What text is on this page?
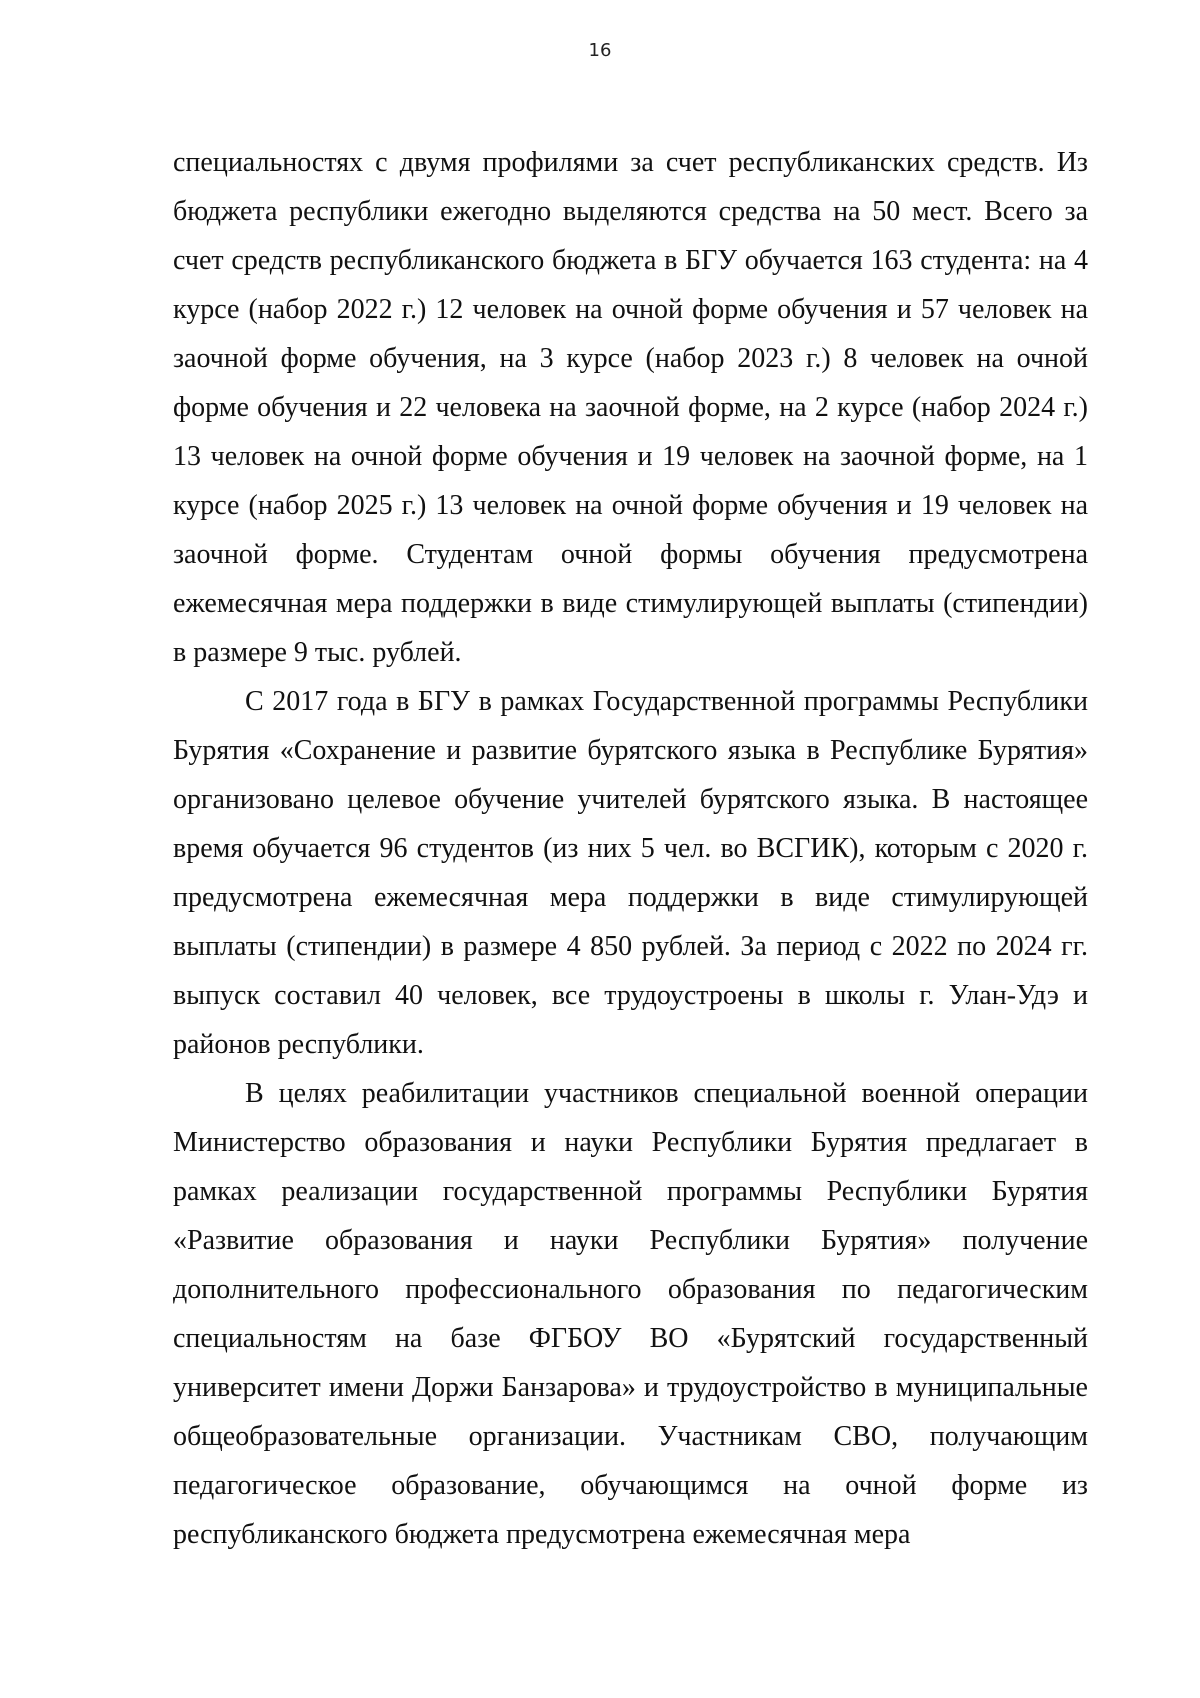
16

специальностях с двумя профилями за счет республиканских средств. Из бюджета республики ежегодно выделяются средства на 50 мест. Всего за счет средств республиканского бюджета в БГУ обучается 163 студента: на 4 курсе (набор 2022 г.) 12 человек на очной форме обучения и 57 человек на заочной форме обучения, на 3 курсе (набор 2023 г.) 8 человек на очной форме обучения и 22 человека на заочной форме, на 2 курсе (набор 2024 г.) 13 человек на очной форме обучения и 19 человек на заочной форме, на 1 курсе (набор 2025 г.) 13 человек на очной форме обучения и 19 человек на заочной форме. Студентам очной формы обучения предусмотрена ежемесячная мера поддержки в виде стимулирующей выплаты (стипендии) в размере 9 тыс. рублей.

С 2017 года в БГУ в рамках Государственной программы Республики Бурятия «Сохранение и развитие бурятского языка в Республике Бурятия» организовано целевое обучение учителей бурятского языка. В настоящее время обучается 96 студентов (из них 5 чел. во ВСГИК), которым с 2020 г. предусмотрена ежемесячная мера поддержки в виде стимулирующей выплаты (стипендии) в размере 4 850 рублей. За период с 2022 по 2024 гг. выпуск составил 40 человек, все трудоустроены в школы г. Улан-Удэ и районов республики.

В целях реабилитации участников специальной военной операции Министерство образования и науки Республики Бурятия предлагает в рамках реализации государственной программы Республики Бурятия «Развитие образования и науки Республики Бурятия» получение дополнительного профессионального образования по педагогическим специальностям на базе ФГБОУ ВО «Бурятский государственный университет имени Доржи Банзарова» и трудоустройство в муниципальные общеобразовательные организации. Участникам СВО, получающим педагогическое образование, обучающимся на очной форме из республиканского бюджета предусмотрена ежемесячная мера
